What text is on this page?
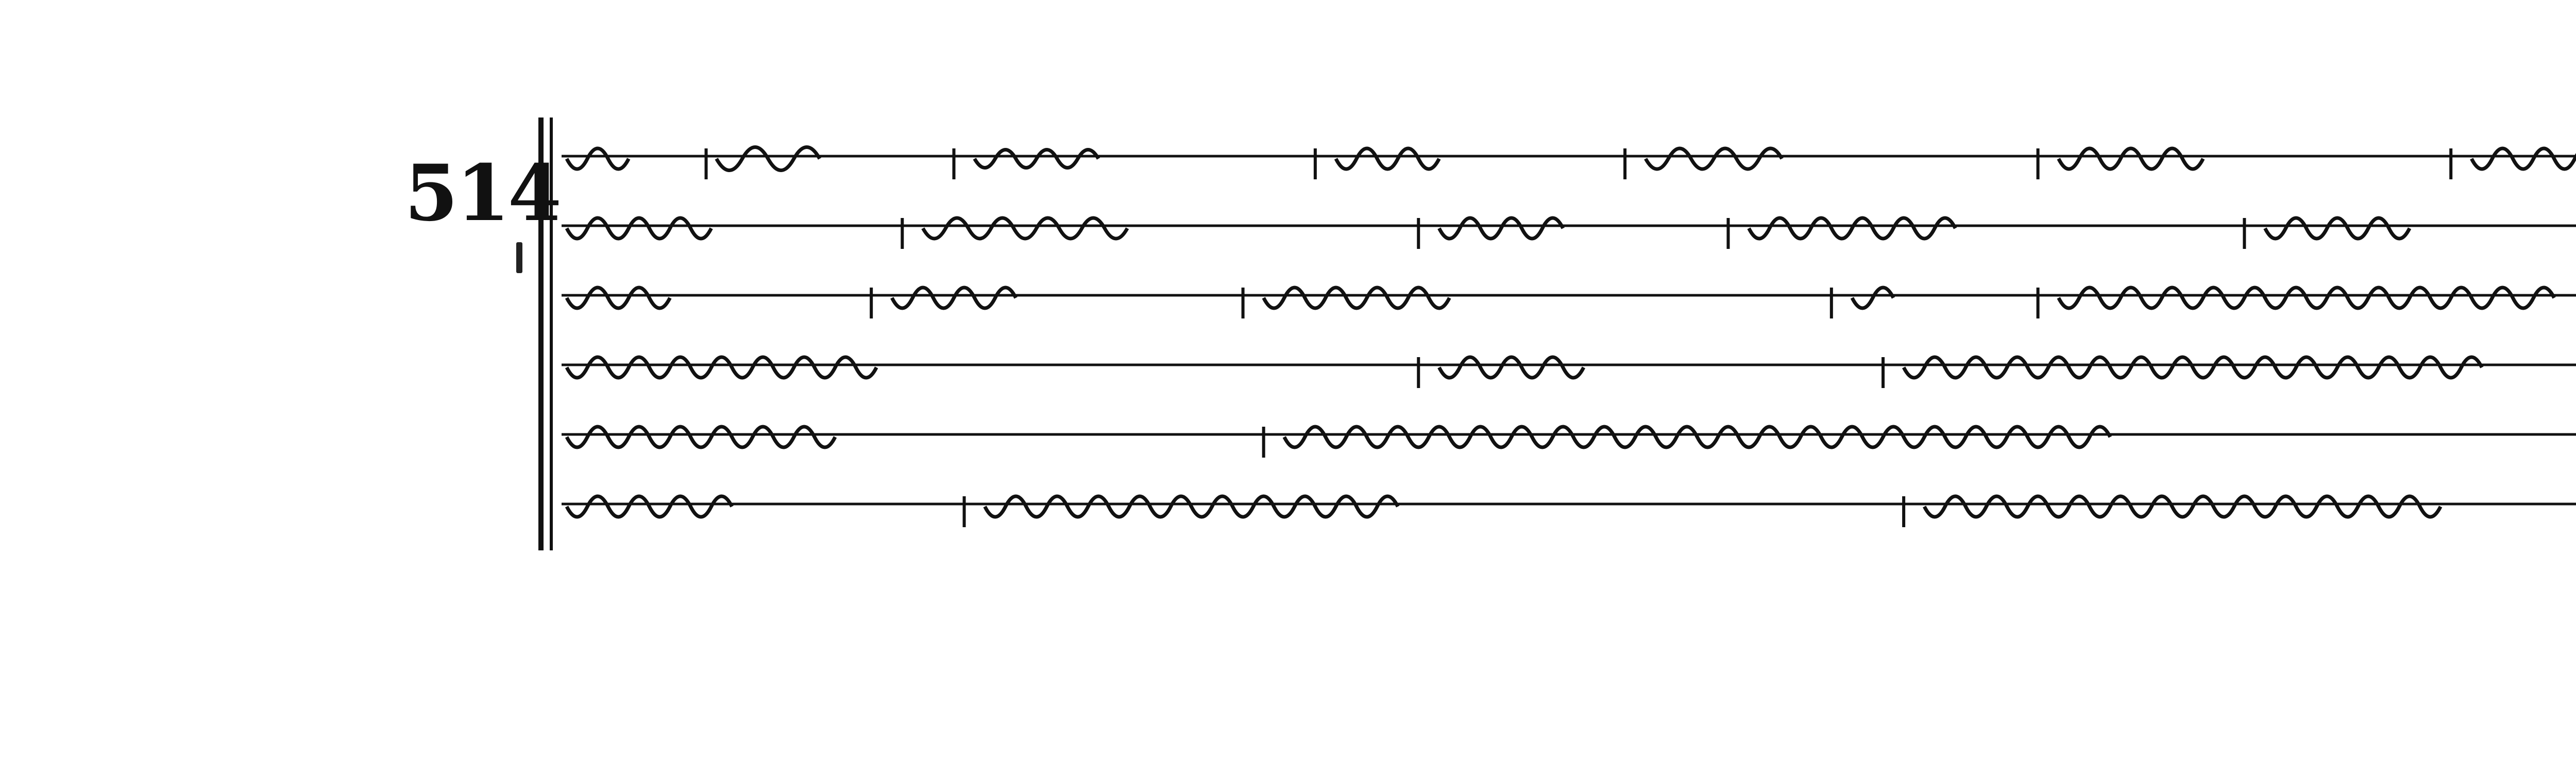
514
